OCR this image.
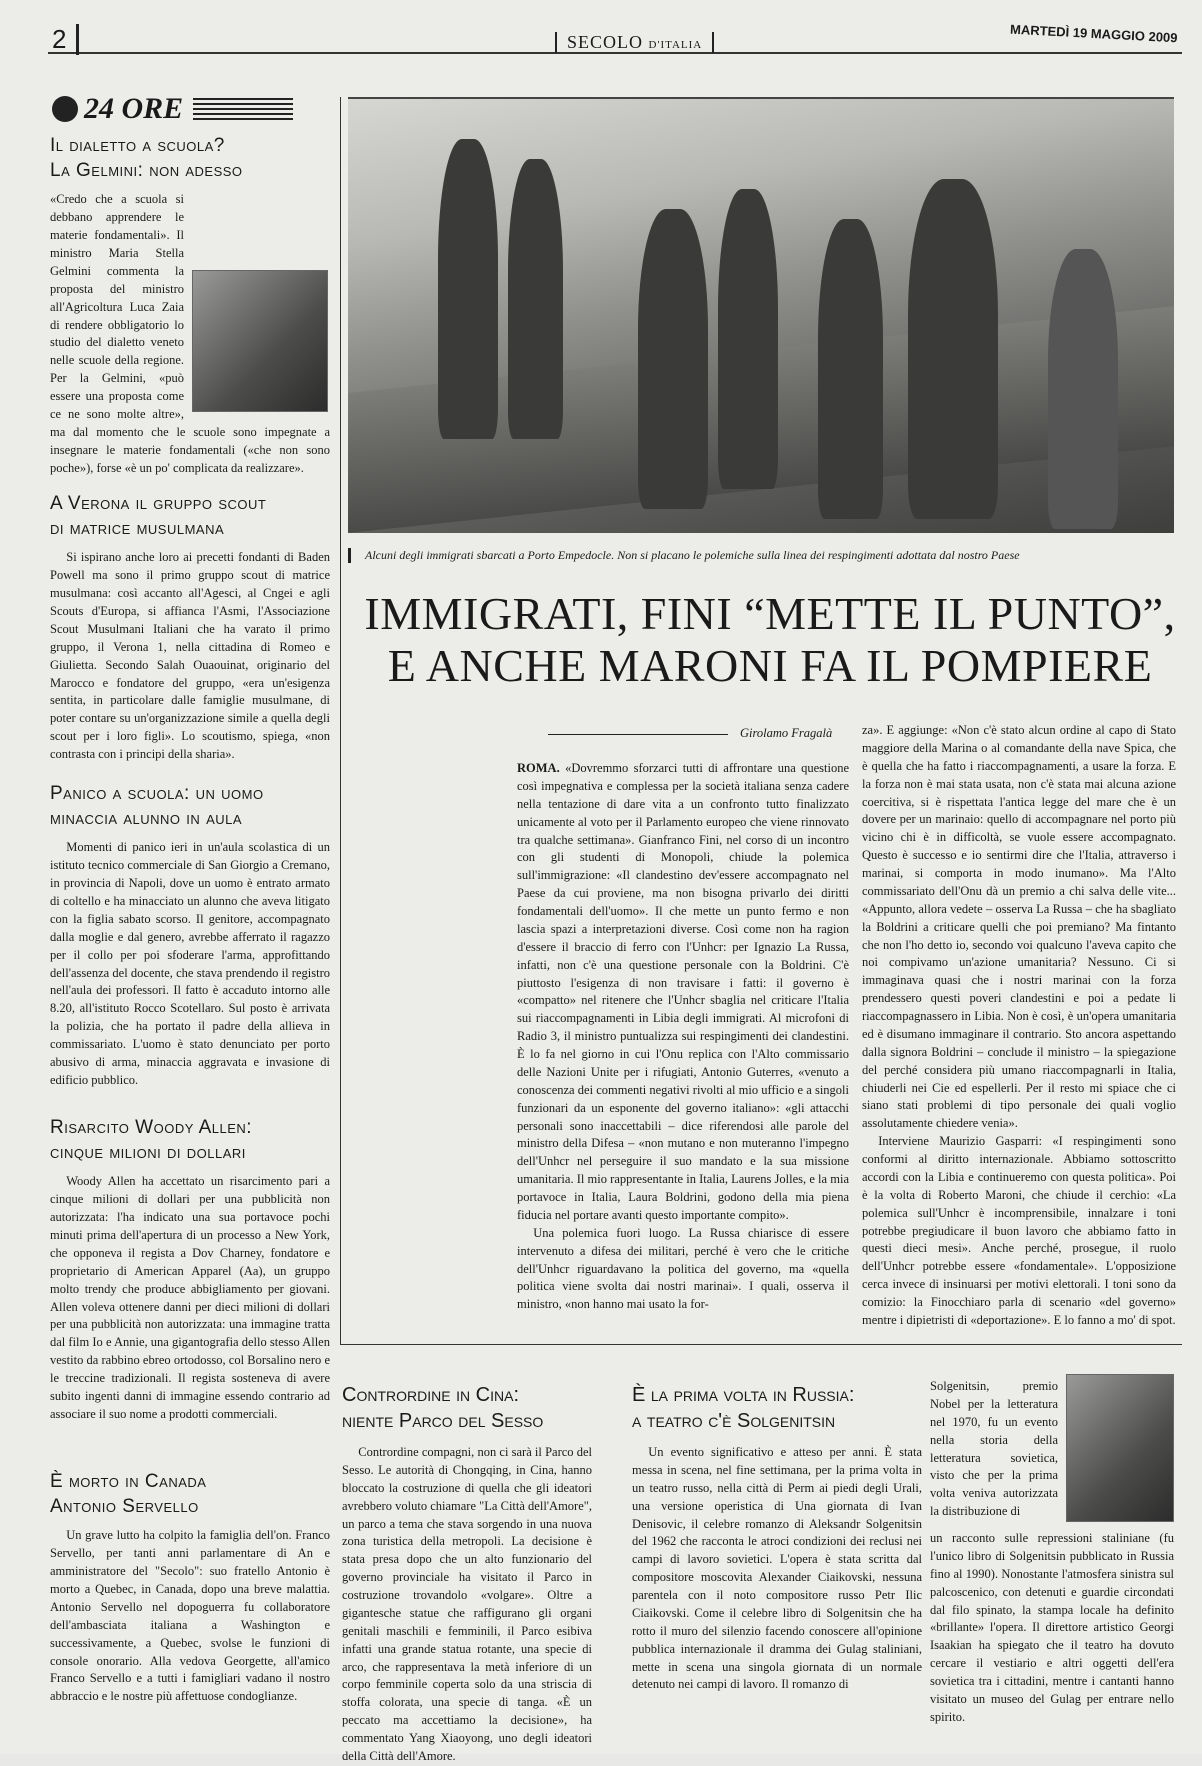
2	SECOLO D'ITALIA	MARTEDÌ 19 MAGGIO 2009
24 ORE
Il dialetto a scuola?
La Gelmini: non adesso

«Credo che a scuola si debbano apprendere le materie fondamentali». Il ministro Maria Stella Gelmini commenta la proposta del ministro all'Agricoltura Luca Zaia di rendere obbligatorio lo studio del dialetto veneto nelle scuole della regione. Per la Gelmini, «può essere una proposta come ce ne sono molte altre», ma dal momento che le scuole sono impegnate a insegnare le materie fondamentali («che non sono poche»), forse «è un po' complicata da realizzare».

A Verona il gruppo scout
di matrice musulmana

Si ispirano anche loro ai precetti fondanti di Baden Powell ma sono il primo gruppo scout di matrice musulmana: così accanto all'Agesci, al Cngei e agli Scouts d'Europa, si affianca l'Asmi, l'Associazione Scout Musulmani Italiani che ha varato il primo gruppo, il Verona 1, nella cittadina di Romeo e Giulietta. Secondo Salah Ouaouinat, originario del Marocco e fondatore del gruppo, «era un'esigenza sentita, in particolare dalle famiglie musulmane, di poter contare su un'organizzazione simile a quella degli scout per i loro figli». Lo scoutismo, spiega, «non contrasta con i principi della sharia».

Panico a scuola: un uomo
minaccia alunno in aula

Momenti di panico ieri in un'aula scolastica di un istituto tecnico commerciale di San Giorgio a Cremano, in provincia di Napoli, dove un uomo è entrato armato di coltello e ha minacciato un alunno che aveva litigato con la figlia sabato scorso. Il genitore, accompagnato dalla moglie e dal genero, avrebbe afferrato il ragazzo per il collo per poi sfoderare l'arma, approfittando dell'assenza del docente, che stava prendendo il registro nell'aula dei professori. Il fatto è accaduto intorno alle 8.20, all'istituto Rocco Scotellaro. Sul posto è arrivata la polizia, che ha portato il padre della allieva in commissariato. L'uomo è stato denunciato per porto abusivo di arma, minaccia aggravata e invasione di edificio pubblico.

Risarcito Woody Allen:
cinque milioni di dollari

Woody Allen ha accettato un risarcimento pari a cinque milioni di dollari per una pubblicità non autorizzata: l'ha indicato una sua portavoce pochi minuti prima dell'apertura di un processo a New York, che opponeva il regista a Dov Charney, fondatore e proprietario di American Apparel (Aa), un gruppo molto trendy che produce abbigliamento per giovani. Allen voleva ottenere danni per dieci milioni di dollari per una pubblicità non autorizzata: una immagine tratta dal film Io e Annie, una gigantografia dello stesso Allen vestito da rabbino ebreo ortodosso, col Borsalino nero e le treccine tradizionali. Il regista sosteneva di avere subito ingenti danni di immagine essendo contrario ad associare il suo nome a prodotti commerciali.

È morto in Canada
Antonio Servello

Un grave lutto ha colpito la famiglia dell'on. Franco Servello, per tanti anni parlamentare di An e amministratore del "Secolo": suo fratello Antonio è morto a Quebec, in Canada, dopo una breve malattia. Antonio Servello nel dopoguerra fu collaboratore dell'ambasciata italiana a Washington e successivamente, a Quebec, svolse le funzioni di console onorario. Alla vedova Georgette, all'amico Franco Servello e a tutti i famigliari vadano il nostro abbraccio e le nostre più affettuose condoglianze.

Alcuni degli immigrati sbarcati a Porto Empedocle. Non si placano le polemiche sulla linea dei respingimenti adottata dal nostro Paese
IMMIGRATI, FINI “METTE IL PUNTO”,
E ANCHE MARONI FA IL POMPIERE
Girolamo Fragalà

ROMA. «Dovremmo sforzarci tutti di affrontare una questione così impegnativa e complessa per la società italiana senza cadere nella tentazione di dare vita a un confronto tutto finalizzato unicamente al voto per il Parlamento europeo che viene rinnovato tra qualche settimana». Gianfranco Fini, nel corso di un incontro con gli studenti di Monopoli, chiude la polemica sull'immigrazione: «Il clandestino dev'essere accompagnato nel Paese da cui proviene, ma non bisogna privarlo dei diritti fondamentali dell'uomo». Il che mette un punto fermo e non lascia spazi a interpretazioni diverse. Così come non ha ragion d'essere il braccio di ferro con l'Unhcr: per Ignazio La Russa, infatti, non c'è una questione personale con la Boldrini. C'è piuttosto l'esigenza di non travisare i fatti: il governo è «compatto» nel ritenere che l'Unhcr sbaglia nel criticare l'Italia sui riaccompagnamenti in Libia degli immigrati. Al microfoni di Radio 3, il ministro puntualizza sui respingimenti dei clandestini. È lo fa nel giorno in cui l'Onu replica con l'Alto commissario delle Nazioni Unite per i rifugiati, Antonio Guterres, «venuto a conoscenza dei commenti negativi rivolti al mio ufficio e a singoli funzionari da un esponente del governo italiano»: «gli attacchi personali sono inaccettabili – dice riferendosi alle parole del ministro della Difesa – «non mutano e non muteranno l'impegno dell'Unhcr nel perseguire il suo mandato e la sua missione umanitaria. Il mio rappresentante in Italia, Laurens Jolles, e la mia portavoce in Italia, Laura Boldrini, godono della mia piena fiducia nel portare avanti questo importante compito».

Una polemica fuori luogo. La Russa chiarisce di essere intervenuto a difesa dei militari, perché è vero che le critiche dell'Unhcr riguardavano la politica del governo, ma «quella politica viene svolta dai nostri marinai». I quali, osserva il ministro, «non hanno mai usato la for-

za». E aggiunge: «Non c'è stato alcun ordine al capo di Stato maggiore della Marina o al comandante della nave Spica, che è quella che ha fatto i riaccompagnamenti, a usare la forza. E la forza non è mai stata usata, non c'è stata mai alcuna azione coercitiva, si è rispettata l'antica legge del mare che è un dovere per un marinaio: quello di accompagnare nel porto più vicino chi è in difficoltà, se vuole essere accompagnato. Questo è successo e io sentirmi dire che l'Italia, attraverso i marinai, si comporta in modo inumano». Ma l'Alto commissariato dell'Onu dà un premio a chi salva delle vite... «Appunto, allora vedete – osserva La Russa – che ha sbagliato la Boldrini a criticare quelli che poi premiano? Ma fintanto che non l'ho detto io, secondo voi qualcuno l'aveva capito che noi compivamo un'azione umanitaria? Nessuno. Ci si immaginava quasi che i nostri marinai con la forza prendessero questi poveri clandestini e poi a pedate li riaccompagnassero in Libia. Non è così, è un'opera umanitaria ed è disumano immaginare il contrario. Sto ancora aspettando dalla signora Boldrini – conclude il ministro – la spiegazione del perché considera più umano riaccompagnarli in Italia, chiuderli nei Cie ed espellerli. Per il resto mi spiace che ci siano stati problemi di tipo personale dei quali voglio assolutamente chiedere venia».

Interviene Maurizio Gasparri: «I respingimenti sono conformi al diritto internazionale. Abbiamo sottoscritto accordi con la Libia e continueremo con questa politica». Poi è la volta di Roberto Maroni, che chiude il cerchio: «La polemica sull'Unhcr è incomprensibile, innalzare i toni potrebbe pregiudicare il buon lavoro che abbiamo fatto in questi dieci mesi». Anche perché, prosegue, il ruolo dell'Unhcr potrebbe essere «fondamentale». L'opposizione cerca invece di insinuarsi per motivi elettorali. I toni sono da comizio: la Finocchiaro parla di scenario «del governo» mentre i dipietristi di «deportazione». E lo fanno a mo' di spot.

Contrordine in Cina:
niente Parco del Sesso

Contrordine compagni, non ci sarà il Parco del Sesso. Le autorità di Chongqing, in Cina, hanno bloccato la costruzione di quella che gli ideatori avrebbero voluto chiamare "La Città dell'Amore", un parco a tema che stava sorgendo in una nuova zona turistica della metropoli. La decisione è stata presa dopo che un alto funzionario del governo provinciale ha visitato il Parco in costruzione trovandolo «volgare». Oltre a gigantesche statue che raffigurano gli organi genitali maschili e femminili, il Parco esibiva infatti una grande statua rotante, una specie di arco, che rappresentava la metà inferiore di un corpo femminile coperta solo da una striscia di stoffa colorata, una specie di tanga. «È un peccato ma accettiamo la decisione», ha commentato Yang Xiaoyong, uno degli ideatori della Città dell'Amore.

È la prima volta in Russia:
a teatro c'è Solgenitsin

Un evento significativo e atteso per anni. È stata messa in scena, nel fine settimana, per la prima volta in un teatro russo, nella città di Perm ai piedi degli Urali, una versione operistica di Una giornata di Ivan Denisovic, il celebre romanzo di Aleksandr Solgenitsin del 1962 che racconta le atroci condizioni dei reclusi nei campi di lavoro sovietici. L'opera è stata scritta dal compositore moscovita Alexander Ciaikovski, nessuna parentela con il noto compositore russo Petr Ilic Ciaikovski. Come il celebre libro di Solgenitsin che ha rotto il muro del silenzio facendo conoscere all'opinione pubblica internazionale il dramma dei Gulag staliniani, mette in scena una singola giornata di un normale detenuto nei campi di lavoro. Il romanzo di

Solgenitsin, premio Nobel per la letteratura nel 1970, fu un evento nella storia della letteratura sovietica, visto che per la prima volta veniva autorizzata la distribuzione di

un racconto sulle repressioni staliniane (fu l'unico libro di Solgenitsin pubblicato in Russia fino al 1990). Nonostante l'atmosfera sinistra sul palcoscenico, con detenuti e guardie circondati dal filo spinato, la stampa locale ha definito «brillante» l'opera. Il direttore artistico Georgi Isaakian ha spiegato che il teatro ha dovuto cercare il vestiario e altri oggetti dell'era sovietica tra i cittadini, mentre i cantanti hanno visitato un museo del Gulag per entrare nello spirito.
